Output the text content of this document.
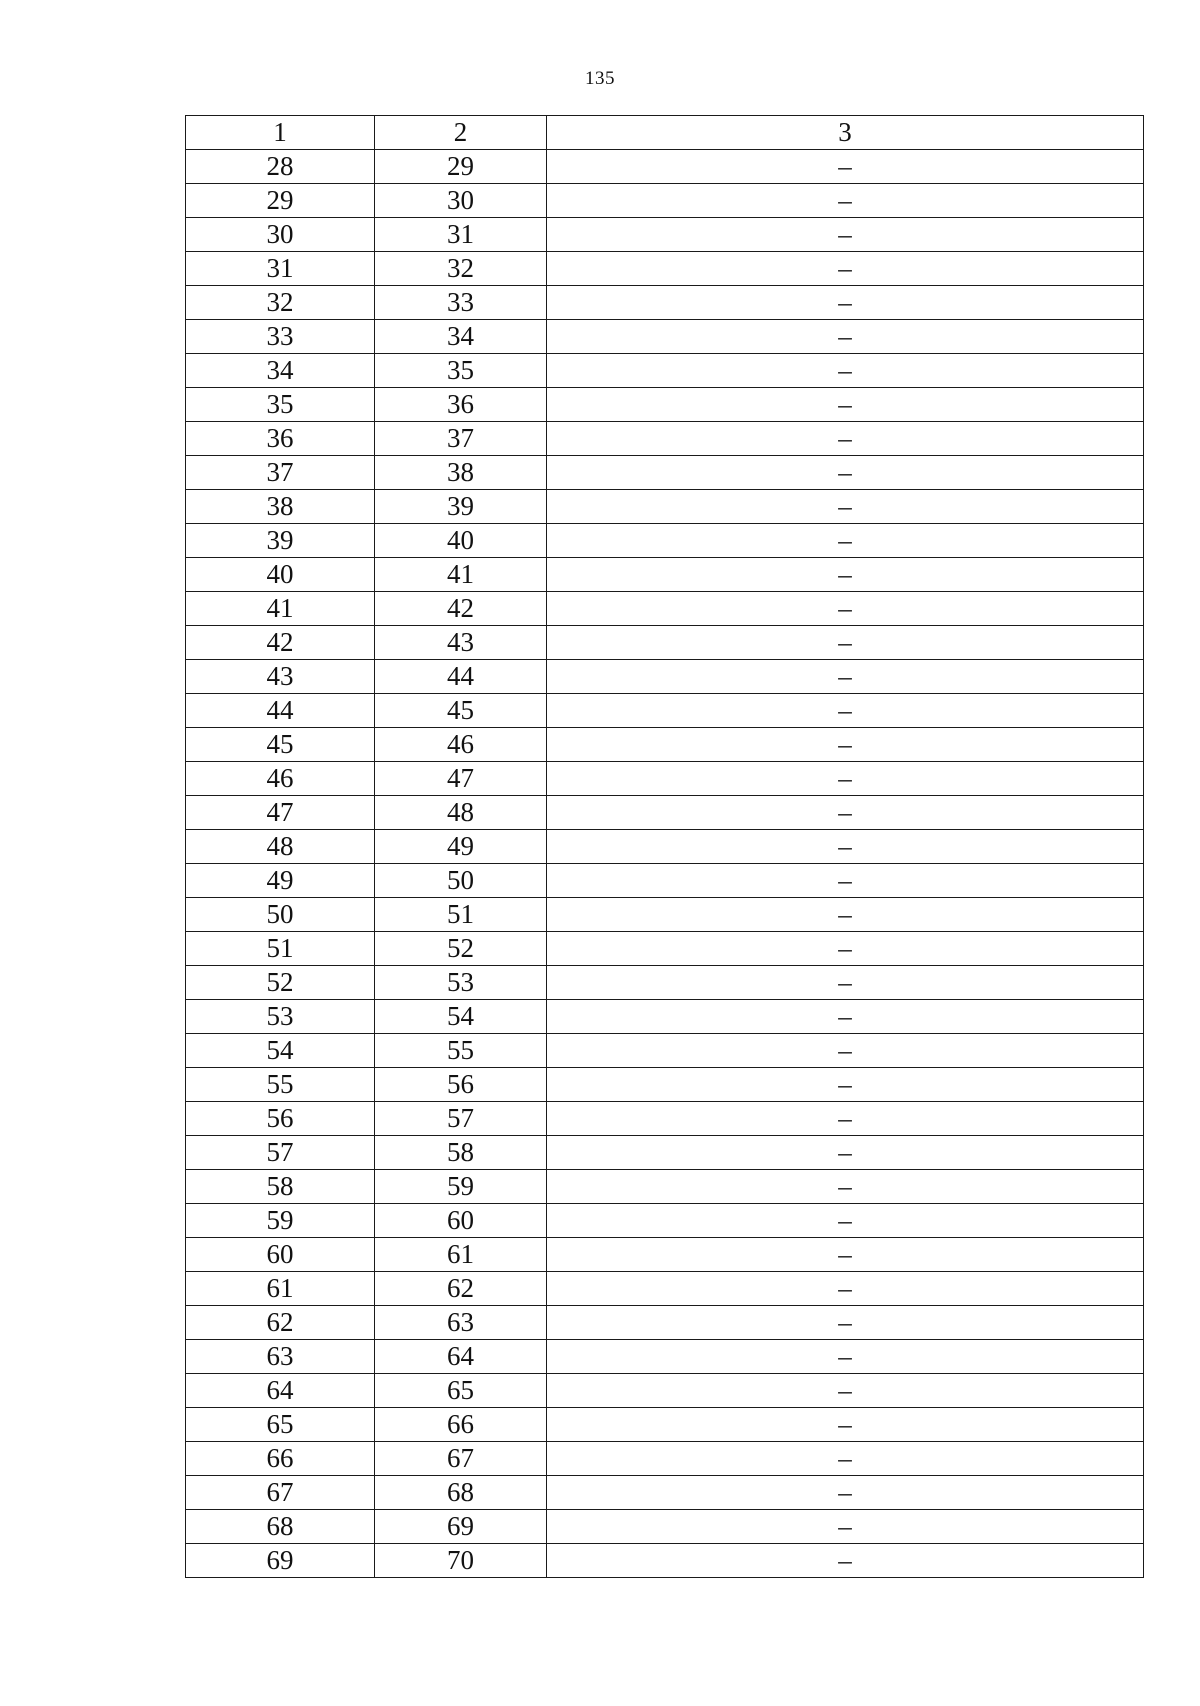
135
1	2	3
28	29	–
29	30	–
30	31	–
31	32	–
32	33	–
33	34	–
34	35	–
35	36	–
36	37	–
37	38	–
38	39	–
39	40	–
40	41	–
41	42	–
42	43	–
43	44	–
44	45	–
45	46	–
46	47	–
47	48	–
48	49	–
49	50	–
50	51	–
51	52	–
52	53	–
53	54	–
54	55	–
55	56	–
56	57	–
57	58	–
58	59	–
59	60	–
60	61	–
61	62	–
62	63	–
63	64	–
64	65	–
65	66	–
66	67	–
67	68	–
68	69	–
69	70	–
